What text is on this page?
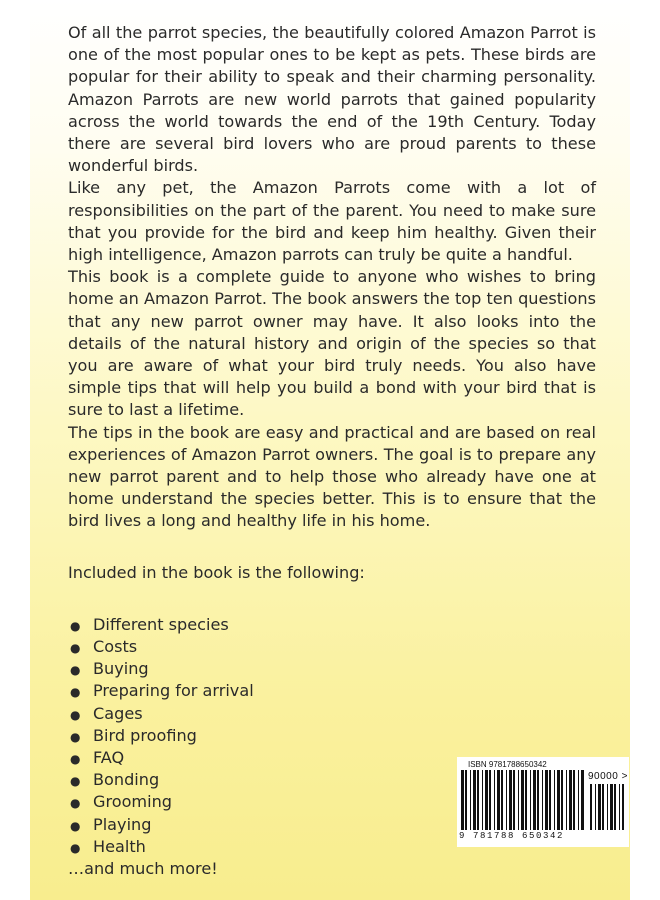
Of all the parrot species, the beautifully colored Amazon Parrot is one of the most popular ones to be kept as pets. These birds are popular for their ability to speak and their charming personality. Amazon Parrots are new world parrots that gained popularity across the world towards the end of the 19th Century. Today there are several bird lovers who are proud parents to these wonderful birds.

Like any pet, the Amazon Parrots come with a lot of responsibilities on the part of the parent. You need to make sure that you provide for the bird and keep him healthy. Given their high intelligence, Amazon parrots can truly be quite a handful.

This book is a complete guide to anyone who wishes to bring home an Amazon Parrot. The book answers the top ten questions that any new parrot owner may have. It also looks into the details of the natural history and origin of the species so that you are aware of what your bird truly needs. You also have simple tips that will help you build a bond with your bird that is sure to last a lifetime.

The tips in the book are easy and practical and are based on real experiences of Amazon Parrot owners. The goal is to prepare any new parrot parent and to help those who already have one at home understand the species better. This is to ensure that the bird lives a long and healthy life in his home.

Included in the book is the following:

● Different species
● Costs
● Buying
● Preparing for arrival
● Cages
● Bird proofing
● FAQ
● Bonding
● Grooming
● Playing
● Health

…and much more!

ISBN 9781788650342
90000 >
9 781788 650342
